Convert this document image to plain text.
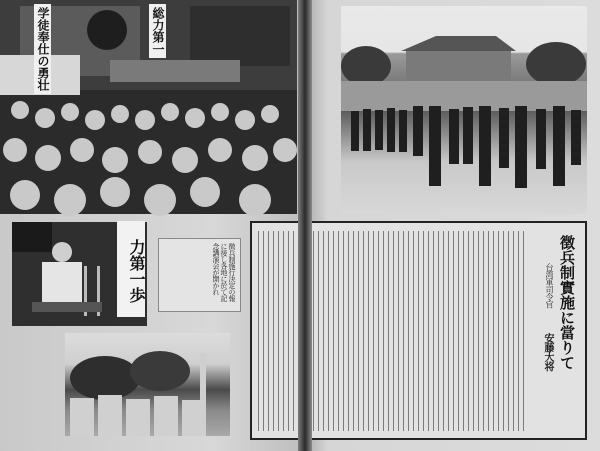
学徒奉仕の勇壮	総力第一
力第一歩	徴兵制施行決定の報に接し各地に於て記念講演会が開かれ	徴兵制實施に當りて
台湾軍司令官
安藤大将
